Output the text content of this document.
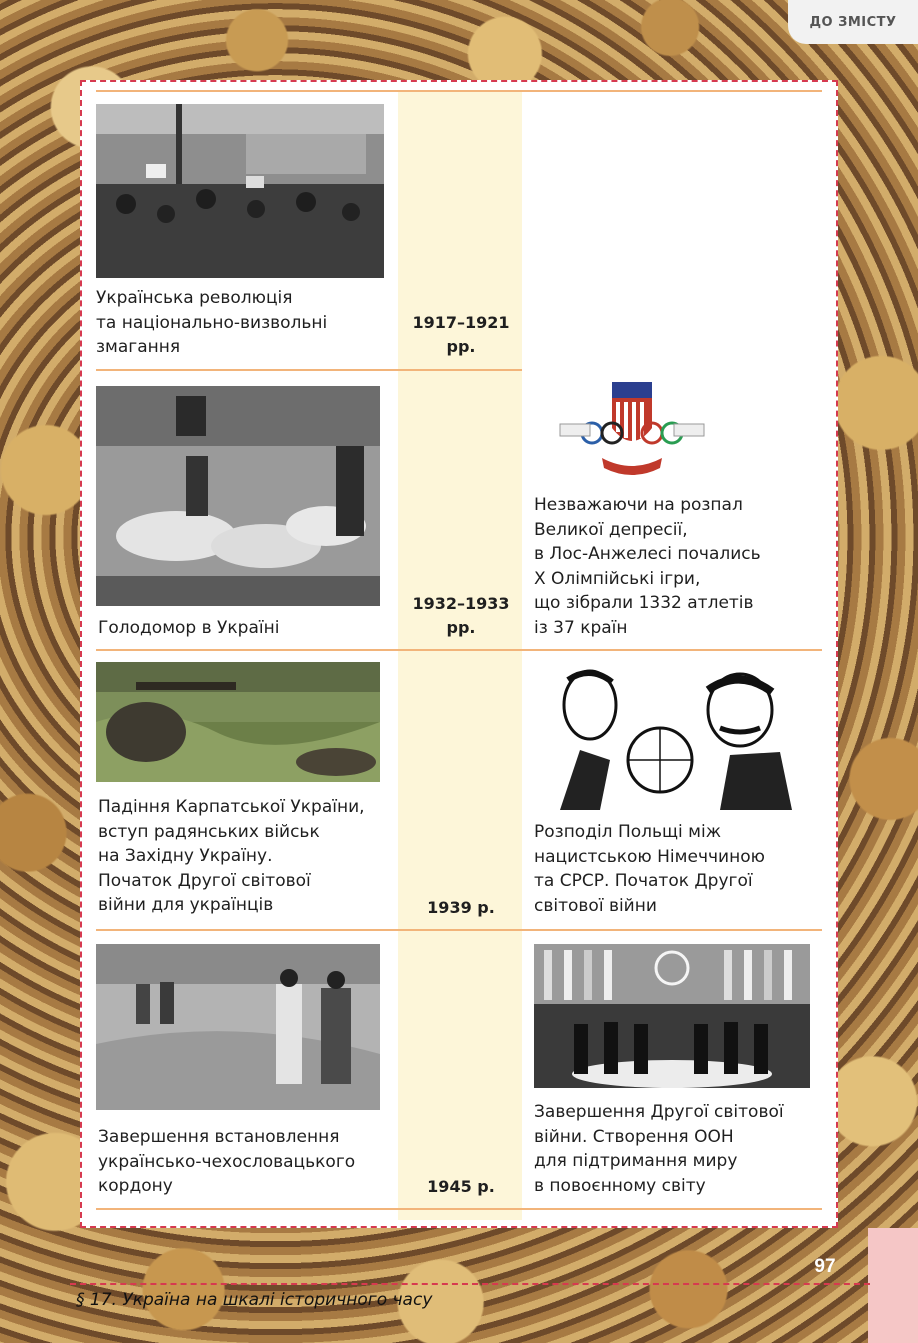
ДО ЗМІСТУ
Українська революція
та національно-визвольні
змагання
1917–1921
рр.
Голодомор в Україні
1932–1933
рр.
Незважаючи на розпал
Великої депресії,
в Лос-Анжелесі почались
X Олімпійські ігри,
що зібрали 1332 атлетів
із 37 країн
Падіння Карпатської України,
вступ радянських військ
на Західну Україну.
Початок Другої світової
війни для українців	1939 р.
Розподіл Польщі між
нацистською Німеччиною
та СРСР. Початок Другої
світової війни
Завершення встановлення
українсько-чехословацького
кордону	1945 р.
Завершення Другої світової
війни. Створення ООН
для підтримання миру
в повоєнному світу
97
§ 17. Україна на шкалі історичного часу
